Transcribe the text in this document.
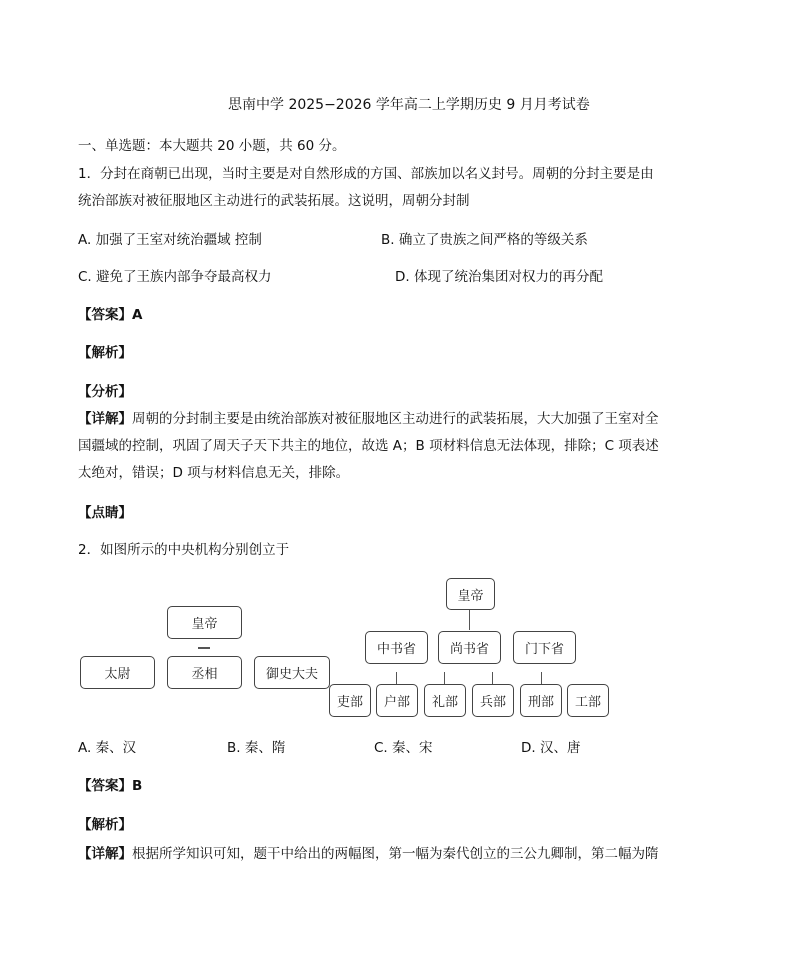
思南中学 2025−2026 学年高二上学期历史 9 月月考试卷
一、单选题：本大题共 20 小题，共 60 分。
1．分封在商朝已出现，当时主要是对自然形成的方国、部族加以名义封号。周朝的分封主要是由
统治部族对被征服地区主动进行的武装拓展。这说明，周朝分封制
A. 加强了王室对统治疆域 控制	B. 确立了贵族之间严格的等级关系
C. 避免了王族内部争夺最高权力	D. 体现了统治集团对权力的再分配
【答案】A
【解析】
【分析】
【详解】周朝的分封制主要是由统治部族对被征服地区主动进行的武装拓展，大大加强了王室对全
国疆域的控制，巩固了周天子天下共主的地位，故选 A；B 项材料信息无法体现，排除；C 项表述
太绝对，错误；D 项与材料信息无关，排除。
【点睛】
2．如图所示的中央机构分别创立于
皇帝
太尉	丞相	御史大夫
皇帝
中书省	尚书省	门下省
吏部	户部	礼部	兵部	刑部	工部
A. 秦、汉	B. 秦、隋	C. 秦、宋	D. 汉、唐
【答案】B
【解析】
【详解】根据所学知识可知，题干中给出的两幅图，第一幅为秦代创立的三公九卿制，第二幅为隋
